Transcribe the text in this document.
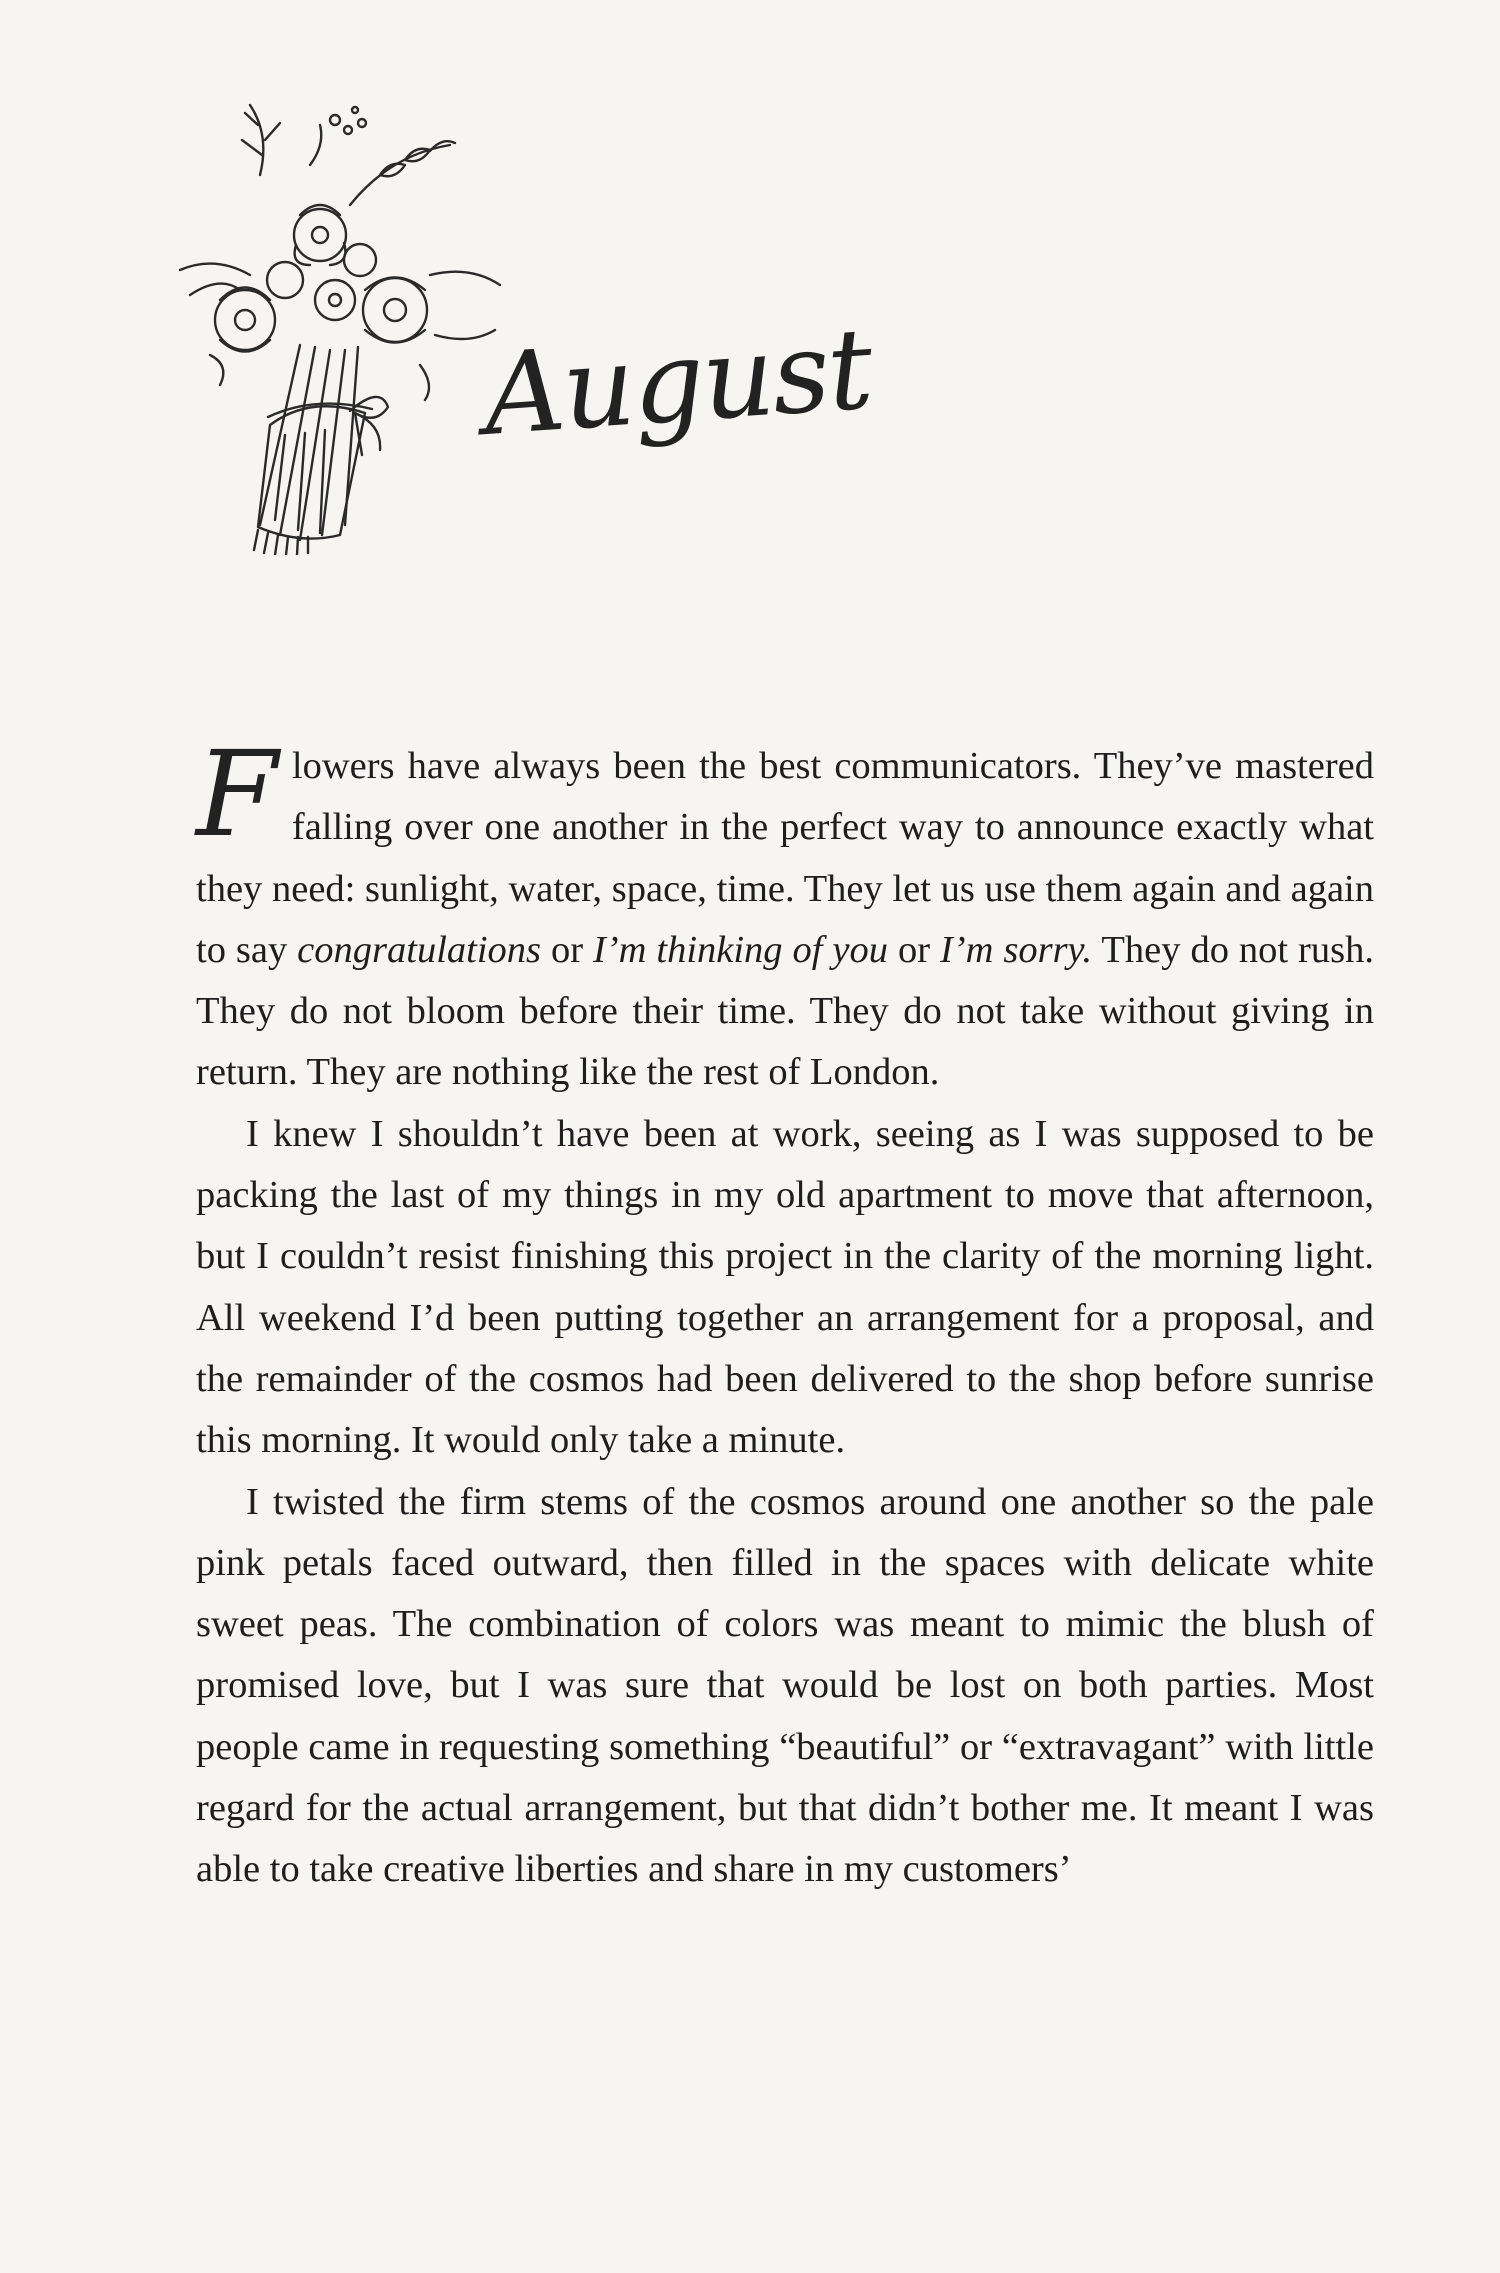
August

Flowers have always been the best communicators. They’ve mastered falling over one another in the perfect way to announce exactly what they need: sunlight, water, space, time. They let us use them again and again to say congratulations or I’m thinking of you or I’m sorry. They do not rush. They do not bloom before their time. They do not take without giving in return. They are nothing like the rest of London.

I knew I shouldn’t have been at work, seeing as I was supposed to be packing the last of my things in my old apartment to move that afternoon, but I couldn’t resist finishing this project in the clarity of the morning light. All weekend I’d been putting together an arrangement for a proposal, and the remainder of the cosmos had been delivered to the shop before sunrise this morning. It would only take a minute.

I twisted the firm stems of the cosmos around one another so the pale pink petals faced outward, then filled in the spaces with delicate white sweet peas. The combination of colors was meant to mimic the blush of promised love, but I was sure that would be lost on both parties. Most people came in requesting something “beautiful” or “extravagant” with little regard for the actual arrangement, but that didn’t bother me. It meant I was able to take creative liberties and share in my customers’
